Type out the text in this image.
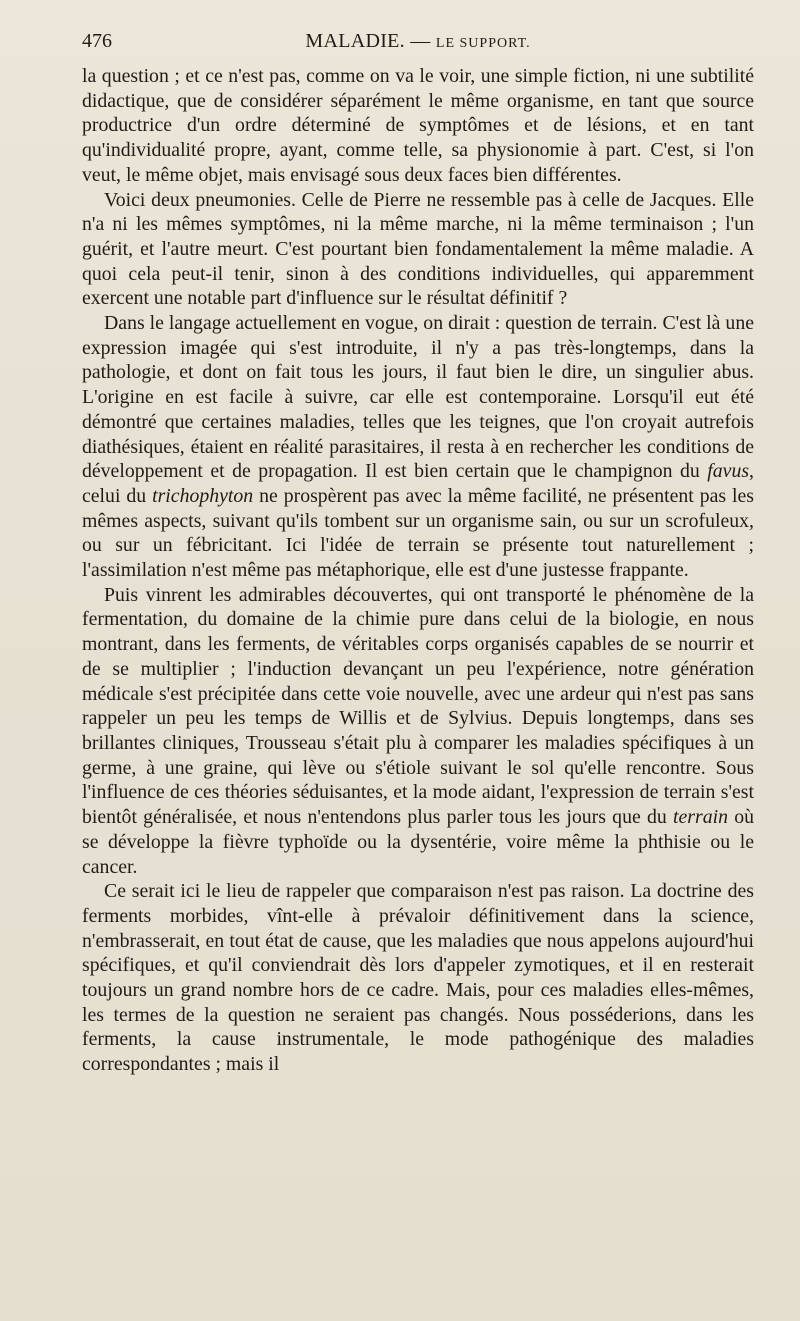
476	MALADIE. — LE SUPPORT.

la question ; et ce n'est pas, comme on va le voir, une simple fiction, ni une subtilité didactique, que de considérer séparément le même organisme, en tant que source productrice d'un ordre déterminé de symptômes et de lésions, et en tant qu'individualité propre, ayant, comme telle, sa physionomie à part. C'est, si l'on veut, le même objet, mais envisagé sous deux faces bien différentes.

Voici deux pneumonies. Celle de Pierre ne ressemble pas à celle de Jacques. Elle n'a ni les mêmes symptômes, ni la même marche, ni la même terminaison ; l'un guérit, et l'autre meurt. C'est pourtant bien fondamentalement la même maladie. A quoi cela peut-il tenir, sinon à des conditions individuelles, qui apparemment exercent une notable part d'influence sur le résultat définitif ?

Dans le langage actuellement en vogue, on dirait : question de terrain. C'est là une expression imagée qui s'est introduite, il n'y a pas très-longtemps, dans la pathologie, et dont on fait tous les jours, il faut bien le dire, un singulier abus. L'origine en est facile à suivre, car elle est contemporaine. Lorsqu'il eut été démontré que certaines maladies, telles que les teignes, que l'on croyait autrefois diathésiques, étaient en réalité parasitaires, il resta à en rechercher les conditions de développement et de propagation. Il est bien certain que le champignon du favus, celui du trichophyton ne prospèrent pas avec la même facilité, ne présentent pas les mêmes aspects, suivant qu'ils tombent sur un organisme sain, ou sur un scrofuleux, ou sur un fébricitant. Ici l'idée de terrain se présente tout naturellement ; l'assimilation n'est même pas métaphorique, elle est d'une justesse frappante.

Puis vinrent les admirables découvertes, qui ont transporté le phénomène de la fermentation, du domaine de la chimie pure dans celui de la biologie, en nous montrant, dans les ferments, de véritables corps organisés capables de se nourrir et de se multiplier ; l'induction devançant un peu l'expérience, notre génération médicale s'est précipitée dans cette voie nouvelle, avec une ardeur qui n'est pas sans rappeler un peu les temps de Willis et de Sylvius. Depuis longtemps, dans ses brillantes cliniques, Trousseau s'était plu à comparer les maladies spécifiques à un germe, à une graine, qui lève ou s'étiole suivant le sol qu'elle rencontre. Sous l'influence de ces théories séduisantes, et la mode aidant, l'expression de terrain s'est bientôt généralisée, et nous n'entendons plus parler tous les jours que du terrain où se développe la fièvre typhoïde ou la dysentérie, voire même la phthisie ou le cancer.

Ce serait ici le lieu de rappeler que comparaison n'est pas raison. La doctrine des ferments morbides, vînt-elle à prévaloir définitivement dans la science, n'embrasserait, en tout état de cause, que les maladies que nous appelons aujourd'hui spécifiques, et qu'il conviendrait dès lors d'appeler zymotiques, et il en resterait toujours un grand nombre hors de ce cadre. Mais, pour ces maladies elles-mêmes, les termes de la question ne seraient pas changés. Nous posséderions, dans les ferments, la cause instrumentale, le mode pathogénique des maladies correspondantes ; mais il
